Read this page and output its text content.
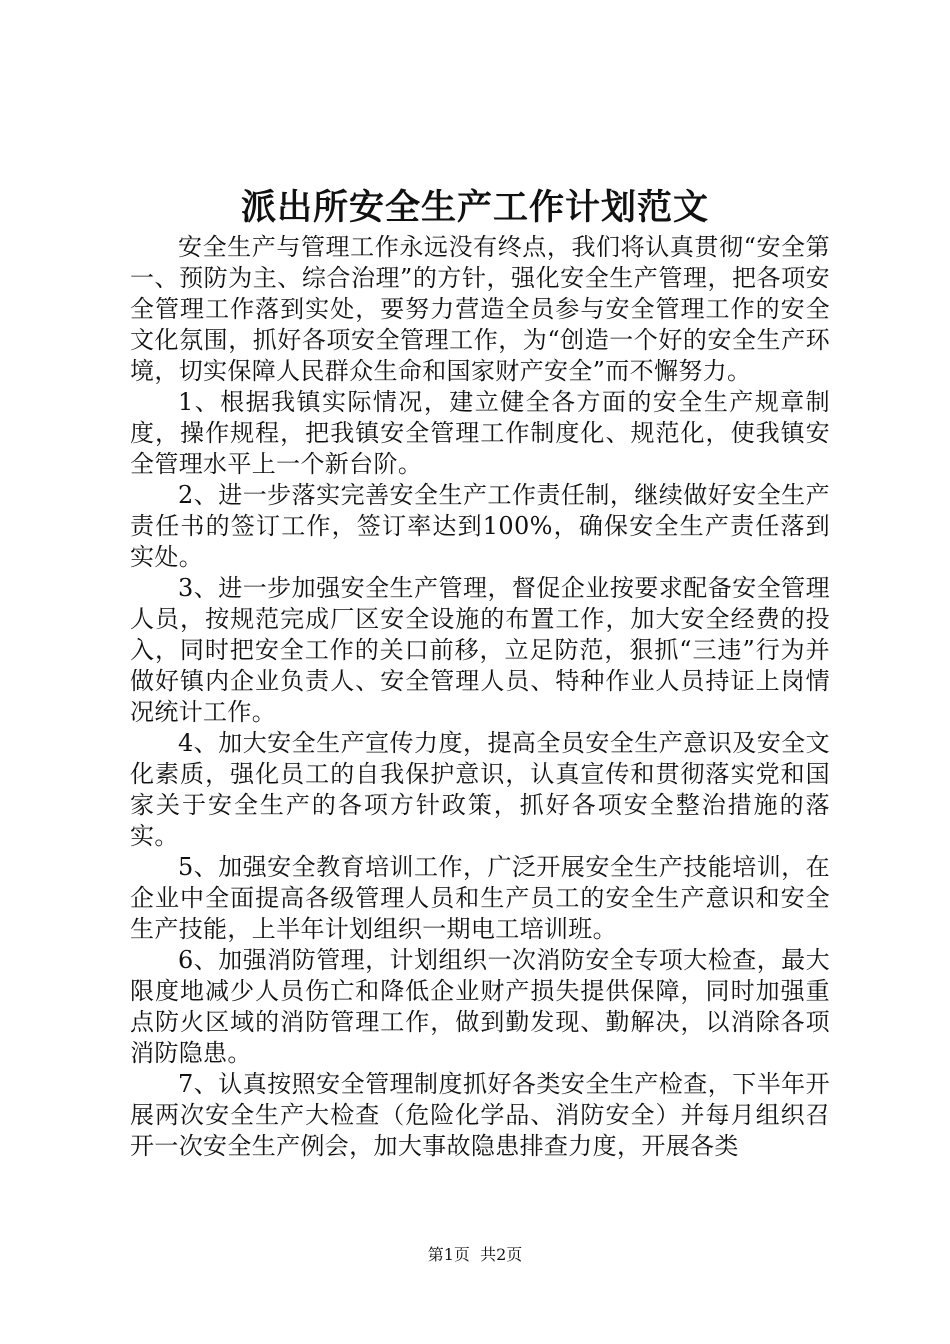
派出所安全生产工作计划范文

安全生产与管理工作永远没有终点，我们将认真贯彻“安全第一、预防为主、综合治理”的方针，强化安全生产管理，把各项安全管理工作落到实处，要努力营造全员参与安全管理工作的安全文化氛围，抓好各项安全管理工作，为“创造一个好的安全生产环境，切实保障人民群众生命和国家财产安全”而不懈努力。

1、根据我镇实际情况，建立健全各方面的安全生产规章制度，操作规程，把我镇安全管理工作制度化、规范化，使我镇安全管理水平上一个新台阶。

2、进一步落实完善安全生产工作责任制，继续做好安全生产责任书的签订工作，签订率达到100%，确保安全生产责任落到实处。

3、进一步加强安全生产管理，督促企业按要求配备安全管理人员，按规范完成厂区安全设施的布置工作，加大安全经费的投入，同时把安全工作的关口前移，立足防范，狠抓“三违”行为并做好镇内企业负责人、安全管理人员、特种作业人员持证上岗情况统计工作。

4、加大安全生产宣传力度，提高全员安全生产意识及安全文化素质，强化员工的自我保护意识，认真宣传和贯彻落实党和国家关于安全生产的各项方针政策，抓好各项安全整治措施的落实。

5、加强安全教育培训工作，广泛开展安全生产技能培训，在企业中全面提高各级管理人员和生产员工的安全生产意识和安全生产技能，上半年计划组织一期电工培训班。

6、加强消防管理，计划组织一次消防安全专项大检查，最大限度地减少人员伤亡和降低企业财产损失提供保障，同时加强重点防火区域的消防管理工作，做到勤发现、勤解决，以消除各项消防隐患。

7、认真按照安全管理制度抓好各类安全生产检查，下半年开展两次安全生产大检查（危险化学品、消防安全）并每月组织召开一次安全生产例会，加大事故隐患排查力度，开展各类

第1页  共2页
